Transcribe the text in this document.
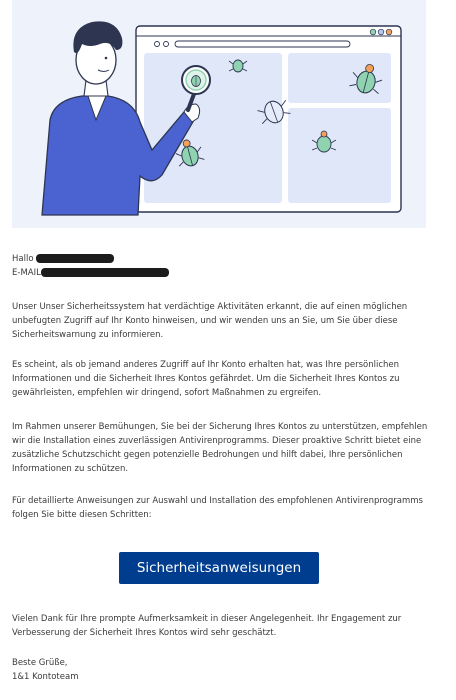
Hallo
E-MAIL
Unser Unser Sicherheitssystem hat verdächtige Aktivitäten erkannt, die auf einen möglichen unbefugten Zugriff auf Ihr Konto hinweisen, und wir wenden uns an Sie, um Sie über diese Sicherheitswarnung zu informieren.
Es scheint, als ob jemand anderes Zugriff auf Ihr Konto erhalten hat, was Ihre persönlichen Informationen und die Sicherheit Ihres Kontos gefährdet. Um die Sicherheit Ihres Kontos zu gewährleisten, empfehlen wir dringend, sofort Maßnahmen zu ergreifen.
Im Rahmen unserer Bemühungen, Sie bei der Sicherung Ihres Kontos zu unterstützen, empfehlen wir die Installation eines zuverlässigen Antivirenprogramms. Dieser proaktive Schritt bietet eine zusätzliche Schutzschicht gegen potenzielle Bedrohungen und hilft dabei, Ihre persönlichen Informationen zu schützen.
Für detaillierte Anweisungen zur Auswahl und Installation des empfohlenen Antivirenprogramms folgen Sie bitte diesen Schritten:
Sicherheitsanweisungen
Vielen Dank für Ihre prompte Aufmerksamkeit in dieser Angelegenheit. Ihr Engagement zur Verbesserung der Sicherheit Ihres Kontos wird sehr geschätzt.
Beste Grüße,
1&1 Kontoteam
